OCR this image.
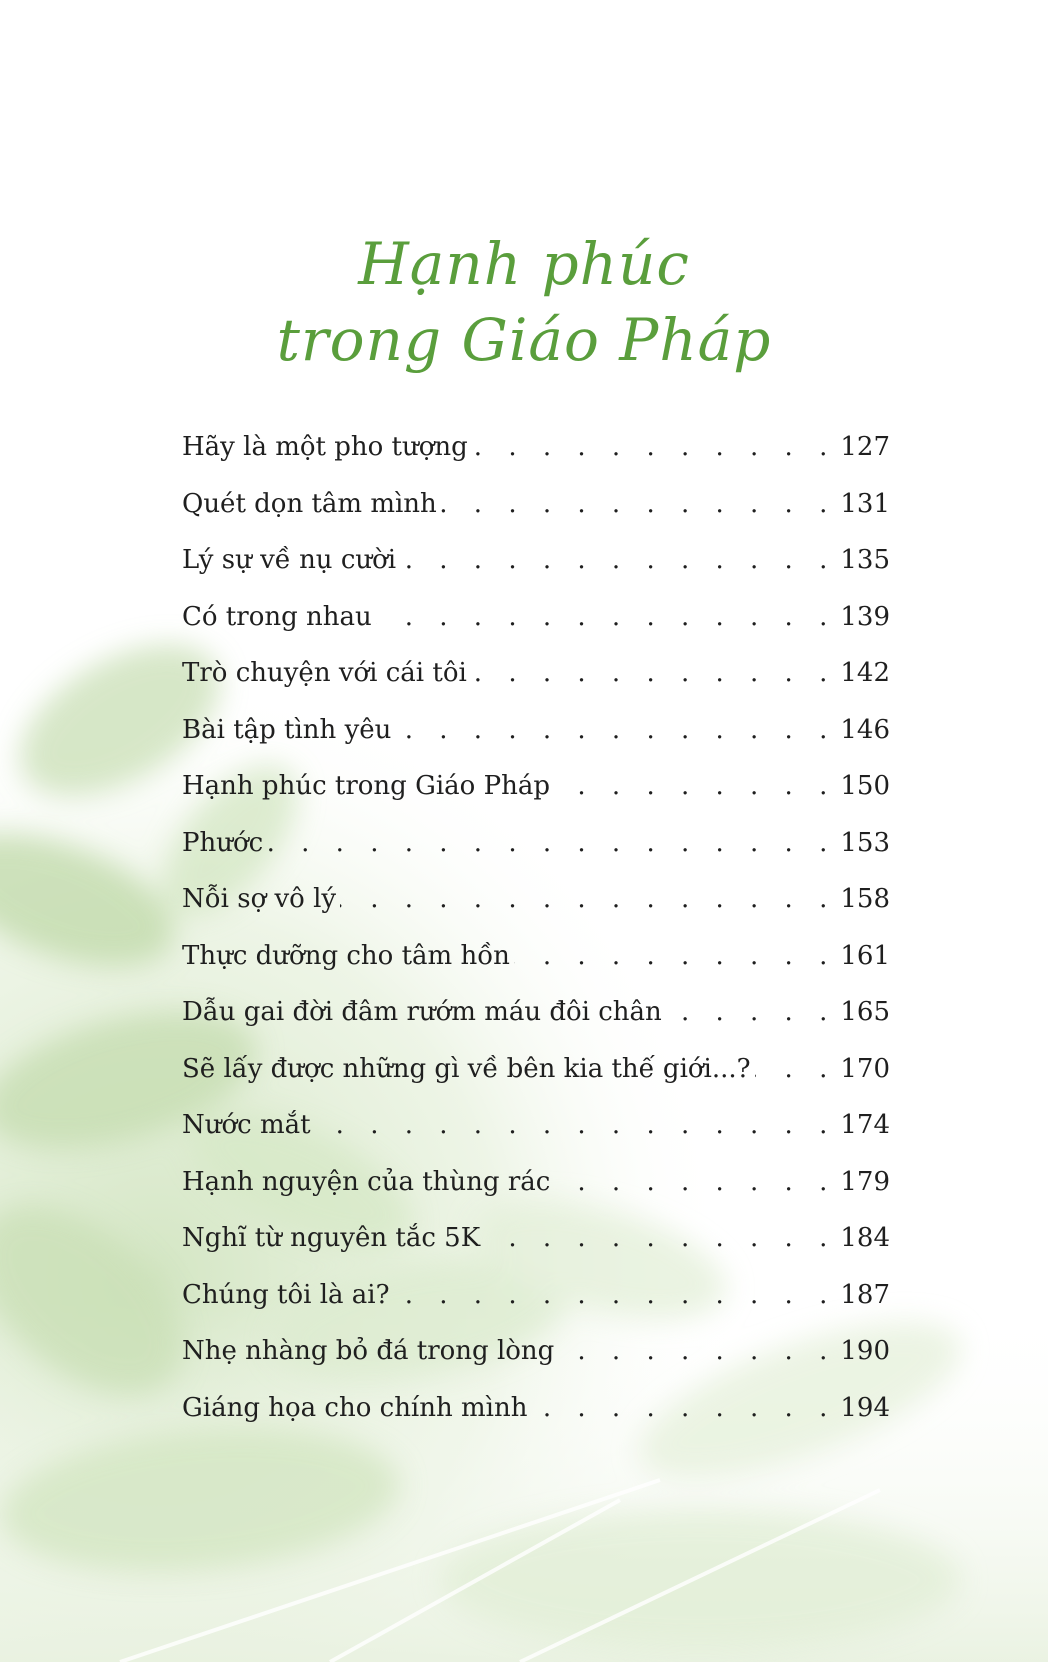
Hạnh phúc
trong Giáo Pháp
Hãy là một pho tượng . . .	127
Quét dọn tâm mình . . .	131
Lý sự về nụ cười . . .	135
Có trong nhau . . .	139
Trò chuyện với cái tôi . . .	142
Bài tập tình yêu . . .	146
Hạnh phúc trong Giáo Pháp . . .	150
Phước . . .	153
Nỗi sợ vô lý . . .	158
Thực dưỡng cho tâm hồn . . .	161
Dẫu gai đời đâm rướm máu đôi chân . . .	165
Sẽ lấy được những gì về bên kia thế giới...? . . .	170
Nước mắt . . .	174
Hạnh nguyện của thùng rác . . .	179
Nghĩ từ nguyên tắc 5K . . .	184
Chúng tôi là ai? . . .	187
Nhẹ nhàng bỏ đá trong lòng . . .	190
Giáng họa cho chính mình . . .	194
